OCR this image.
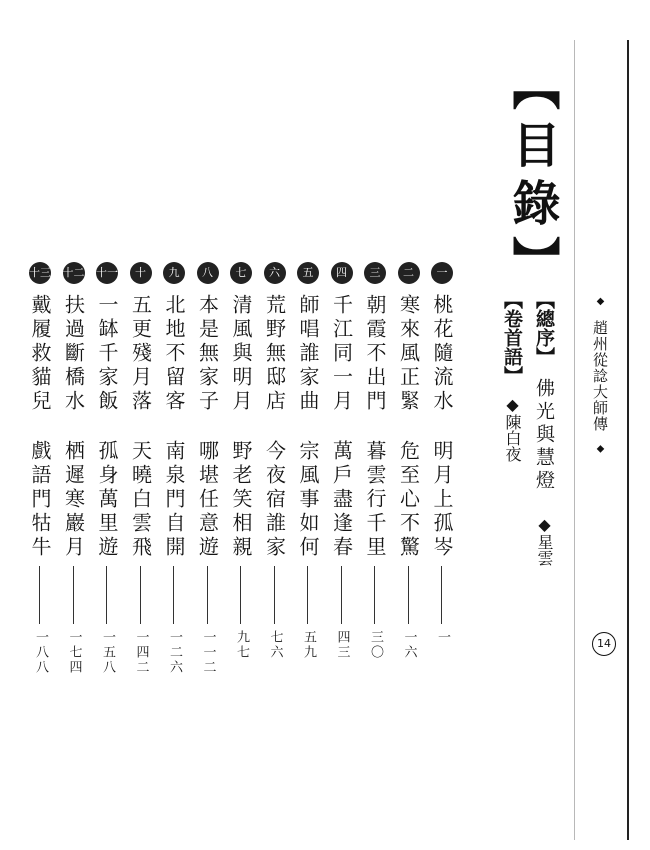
◆ 趙州從諗大師傳 ◆
14
【目錄】
【總序】佛光與慧燈◆星雲
【卷首語】◆陳白夜
一桃花隨流水明月上孤岑一
二寒來風正緊危至心不驚一六
三朝霞不出門暮雲行千里三〇
四千江同一月萬戶盡逢春四三
五師唱誰家曲宗風事如何五九
六荒野無邸店今夜宿誰家七六
七清風與明月野老笑相親九七
八本是無家子哪堪任意遊一一二
九北地不留客南泉門自開一二六
十五更殘月落天曉白雲飛一四二
十一一缽千家飯孤身萬里遊一五八
十二扶過斷橋水栖遲寒巖月一七四
十三戴履救貓兒戲語門牯牛一八八
